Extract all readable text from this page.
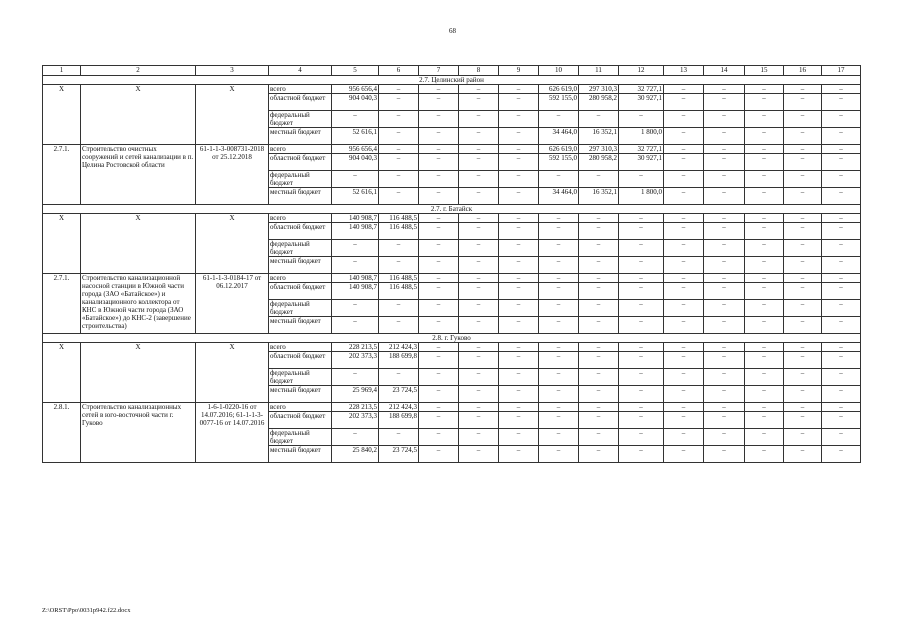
68
1	2	3	4	5	6	7	8	9	10	11	12	13	14	15	16	17
2.7. Целинский район																
Х	Х	Х	всего	956 656,4	–	–	–	–	626 619,0	297 310,3	32 727,1	–	–	–	–	–
			областной бюджет	904 040,3	–	–	–	–	592 155,0	280 958,2	30 927,1	–	–	–	–	–
			федеральный бюджет	–	–	–	–	–	–	–	–	–	–	–	–	–
			местный бюджет	52 616,1	–	–	–	–	34 464,0	16 352,1	1 800,0	–	–	–	–	–
2.7.1.	Строительство очистных сооружений и сетей канализации в п. Целина Ростовской области	61-1-1-3-008731-2018 от 25.12.2018	всего	956 656,4	–	–	–	–	626 619,0	297 310,3	32 727,1	–	–	–	–	–
			областной бюджет	904 040,3	–	–	–	–	592 155,0	280 958,2	30 927,1	–	–	–	–	–
			федеральный бюджет	–	–	–	–	–	–	–	–	–	–	–	–	–
			местный бюджет	52 616,1	–	–	–	–	34 464,0	16 352,1	1 800,0	–	–	–	–	–
2.7. г. Батайск																
Х	Х	Х	всего	140 908,7	116 488,5	–	–	–	–	–	–	–	–	–	–	–
			областной бюджет	140 908,7	116 488,5	–	–	–	–	–	–	–	–	–	–	–
			федеральный бюджет	–	–	–	–	–	–	–	–	–	–	–	–	–
			местный бюджет	–	–	–	–	–	–	–	–	–	–	–	–	–
2.7.1.	Строительство канализационной насосной станции в Южной части города (ЗАО «Батайское») и канализационного коллектора от КНС в Южной части города (ЗАО «Батайское») до КНС-2 (завершение строительства)	61-1-1-3-0184-17 от 06.12.2017	всего	140 908,7	116 488,5	–	–	–	–	–	–	–	–	–	–	–
			областной бюджет	140 908,7	116 488,5	–	–	–	–	–	–	–	–	–	–	–
			федеральный бюджет	–	–	–	–	–	–	–	–	–	–	–	–	–
			местный бюджет	–	–	–	–	–	–	–	–	–	–	–	–	–
2.8. г. Гуково																
Х	Х	Х	всего	228 213,5	212 424,3	–	–	–	–	–	–	–	–	–	–	–
			областной бюджет	202 373,3	188 699,8	–	–	–	–	–	–	–	–	–	–	–
			федеральный бюджет	–	–	–	–	–	–	–	–	–	–	–	–	–
			местный бюджет	25 969,4	23 724,5	–	–	–	–	–	–	–	–	–	–	–
2.8.1.	Строительство канализационных сетей в юго-восточной части г. Гуково	1-6-1-0220-16 от 14.07.2016; 61-1-1-3-0077-16 от 14.07.2016	всего	228 213,5	212 424,3	–	–	–	–	–	–	–	–	–	–	–
			областной бюджет	202 373,3	188 699,8	–	–	–	–	–	–	–	–	–	–	–
			федеральный бюджет	–	–	–	–	–	–	–	–	–	–	–	–	–
			местный бюджет	25 840,2	23 724,5	–	–	–	–	–	–	–	–	–	–	–
Z:\ORST\Ppo\0031p942.f22.docx
